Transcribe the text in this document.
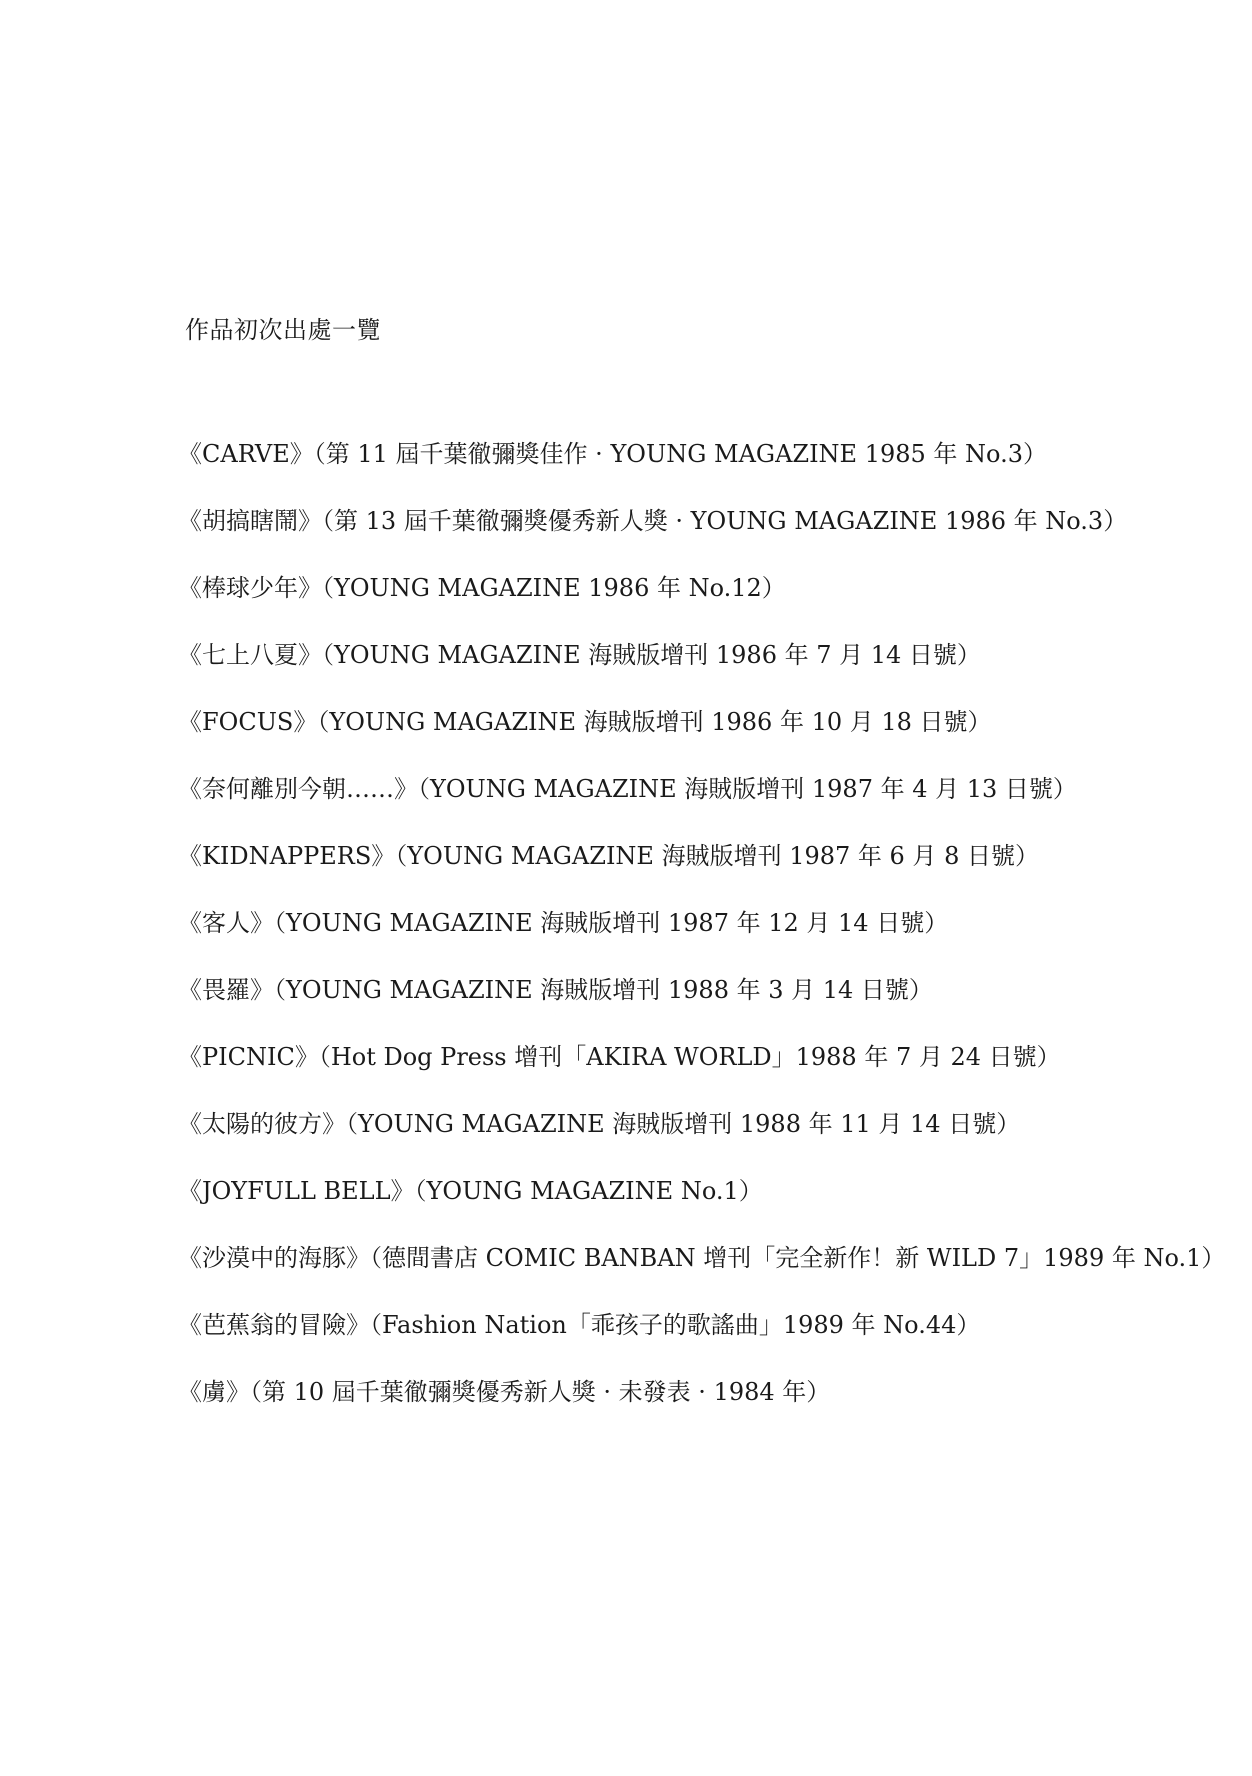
作品初次出處一覽
《CARVE》（第 11 屆千葉徹彌獎佳作 · YOUNG MAGAZINE 1985 年 No.3）
《胡搞瞎鬧》（第 13 屆千葉徹彌獎優秀新人獎 · YOUNG MAGAZINE 1986 年 No.3）
《棒球少年》（YOUNG MAGAZINE 1986 年 No.12）
《七上八夏》（YOUNG MAGAZINE 海賊版增刊 1986 年 7 月 14 日號）
《FOCUS》（YOUNG MAGAZINE 海賊版增刊 1986 年 10 月 18 日號）
《奈何離別今朝……》（YOUNG MAGAZINE 海賊版增刊 1987 年 4 月 13 日號）
《KIDNAPPERS》（YOUNG MAGAZINE 海賊版增刊 1987 年 6 月 8 日號）
《客人》（YOUNG MAGAZINE 海賊版增刊 1987 年 12 月 14 日號）
《畏羅》（YOUNG MAGAZINE 海賊版增刊 1988 年 3 月 14 日號）
《PICNIC》（Hot Dog Press 增刊「AKIRA WORLD」1988 年 7 月 24 日號）
《太陽的彼方》（YOUNG MAGAZINE 海賊版增刊 1988 年 11 月 14 日號）
《JOYFULL BELL》（YOUNG MAGAZINE No.1）
《沙漠中的海豚》（德間書店 COMIC BANBAN 增刊「完全新作！新 WILD 7」1989 年 No.1）
《芭蕉翁的冒險》（Fashion Nation「乖孩子的歌謠曲」1989 年 No.44）
《虜》（第 10 屆千葉徹彌獎優秀新人獎 · 未發表 · 1984 年）
